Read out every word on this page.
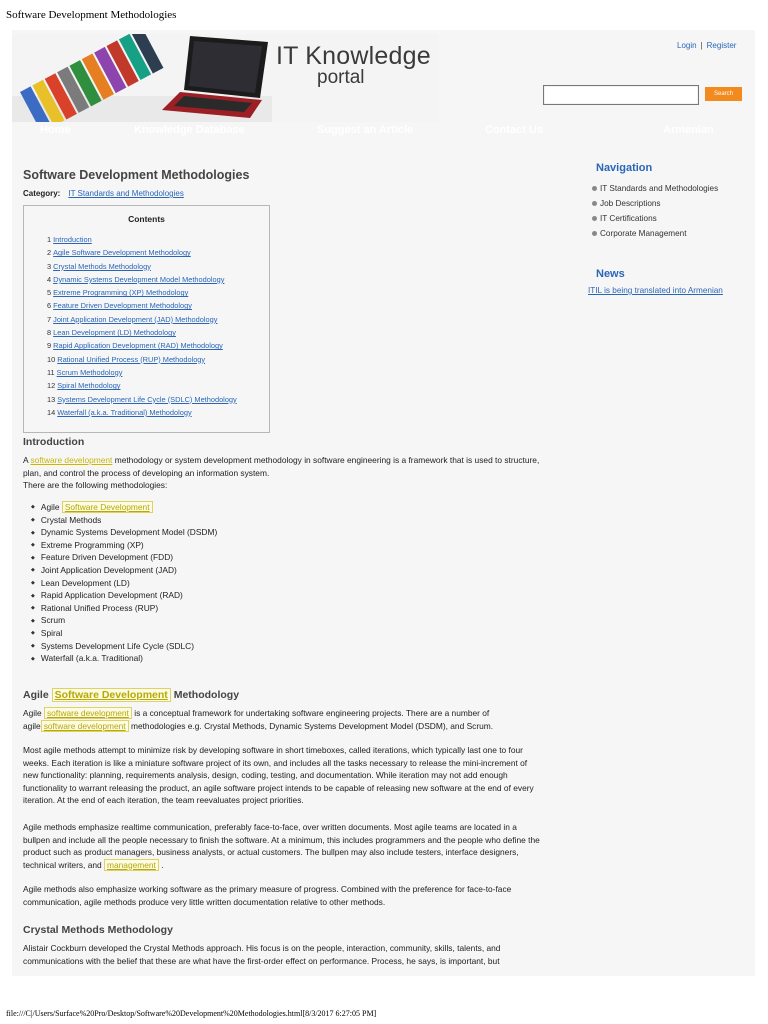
Software Development Methodologies
IT Knowledge
portal
Login | Register
Search
Home	Knowledge Database	Suggest an Article	Contact Us	Armenian
Software Development Methodologies
Category: IT Standards and Methodologies
Contents
1 Introduction
2 Agile Software Development Methodology
3 Crystal Methods Methodology
4 Dynamic Systems Development Model Methodology
5 Extreme Programming (XP) Methodology
6 Feature Driven Development Methodology
7 Joint Application Development (JAD) Methodology
8 Lean Development (LD) Methodology
9 Rapid Application Development (RAD) Methodology
10 Rational Unified Process (RUP) Methodology
11 Scrum Methodology
12 Spiral Methodology
13 Systems Development Life Cycle (SDLC) Methodology
14 Waterfall (a.k.a. Traditional) Methodology
Introduction
A software development methodology or system development methodology in software engineering is a framework that is used to structure, plan, and control the process of developing an information system.
There are the following methodologies:
◆ Agile Software Development
◆ Crystal Methods
◆ Dynamic Systems Development Model (DSDM)
◆ Extreme Programming (XP)
◆ Feature Driven Development (FDD)
◆ Joint Application Development (JAD)
◆ Lean Development (LD)
◆ Rapid Application Development (RAD)
◆ Rational Unified Process (RUP)
◆ Scrum
◆ Spiral
◆ Systems Development Life Cycle (SDLC)
◆ Waterfall (a.k.a. Traditional)
Agile Software Development Methodology
Agile software development is a conceptual framework for undertaking software engineering projects. There are a number of agile software development methodologies e.g. Crystal Methods, Dynamic Systems Development Model (DSDM), and Scrum.
Most agile methods attempt to minimize risk by developing software in short timeboxes, called iterations, which typically last one to four weeks. Each iteration is like a miniature software project of its own, and includes all the tasks necessary to release the mini-increment of new functionality: planning, requirements analysis, design, coding, testing, and documentation. While iteration may not add enough functionality to warrant releasing the product, an agile software project intends to be capable of releasing new software at the end of every iteration. At the end of each iteration, the team reevaluates project priorities.
Agile methods emphasize realtime communication, preferably face-to-face, over written documents. Most agile teams are located in a bullpen and include all the people necessary to finish the software. At a minimum, this includes programmers and the people who define the product such as product managers, business analysts, or actual customers. The bullpen may also include testers, interface designers, technical writers, and management .
Agile methods also emphasize working software as the primary measure of progress. Combined with the preference for face-to-face communication, agile methods produce very little written documentation relative to other methods.
Crystal Methods Methodology
Alistair Cockburn developed the Crystal Methods approach. His focus is on the people, interaction, community, skills, talents, and communications with the belief that these are what have the first-order effect on performance. Process, he says, is important, but
Navigation
IT Standards and Methodologies
Job Descriptions
IT Certifications
Corporate Management
News
ITIL is being translated into Armenian
file:///C|/Users/Surface%20Pro/Desktop/Software%20Development%20Methodologies.html[8/3/2017 6:27:05 PM]
